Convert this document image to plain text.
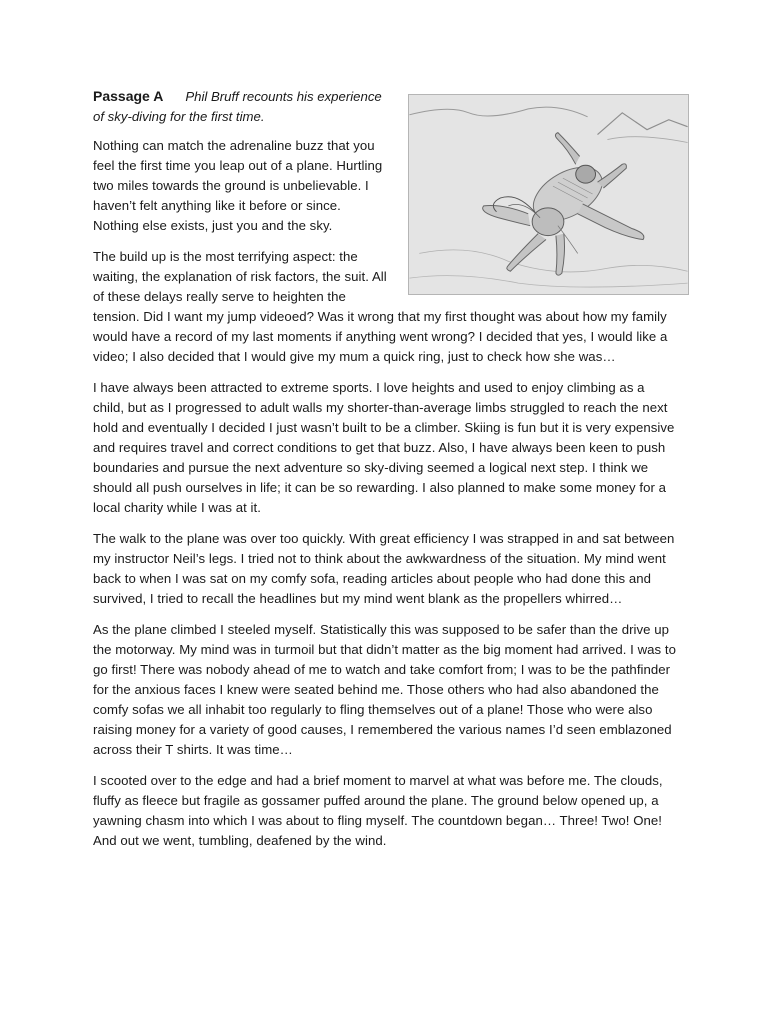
Passage A Phil Bruff recounts his experience of sky-diving for the first time.

Nothing can match the adrenaline buzz that you feel the first time you leap out of a plane. Hurtling two miles towards the ground is unbelievable. I haven’t felt anything like it before or since. Nothing else exists, just you and the sky.

The build up is the most terrifying aspect: the waiting, the explanation of risk factors, the suit. All of these delays really serve to heighten the tension. Did I want my jump videoed? Was it wrong that my first thought was about how my family would have a record of my last moments if anything went wrong? I decided that yes, I would like a video; I also decided that I would give my mum a quick ring, just to check how she was…

I have always been attracted to extreme sports. I love heights and used to enjoy climbing as a child, but as I progressed to adult walls my shorter-than-average limbs struggled to reach the next hold and eventually I decided I just wasn’t built to be a climber. Skiing is fun but it is very expensive and requires travel and correct conditions to get that buzz. Also, I have always been keen to push boundaries and pursue the next adventure so sky-diving seemed a logical next step. I think we should all push ourselves in life; it can be so rewarding. I also planned to make some money for a local charity while I was at it.

The walk to the plane was over too quickly. With great efficiency I was strapped in and sat between my instructor Neil’s legs. I tried not to think about the awkwardness of the situation. My mind went back to when I was sat on my comfy sofa, reading articles about people who had done this and survived, I tried to recall the headlines but my mind went blank as the propellers whirred…

As the plane climbed I steeled myself. Statistically this was supposed to be safer than the drive up the motorway. My mind was in turmoil but that didn’t matter as the big moment had arrived. I was to go first! There was nobody ahead of me to watch and take comfort from; I was to be the pathfinder for the anxious faces I knew were seated behind me. Those others who had also abandoned the comfy sofas we all inhabit too regularly to fling themselves out of a plane! Those who were also raising money for a variety of good causes, I remembered the various names I’d seen emblazoned across their T shirts. It was time…

I scooted over to the edge and had a brief moment to marvel at what was before me. The clouds, fluffy as fleece but fragile as gossamer puffed around the plane. The ground below opened up, a yawning chasm into which I was about to fling myself. The countdown began… Three! Two! One! And out we went, tumbling, deafened by the wind.
